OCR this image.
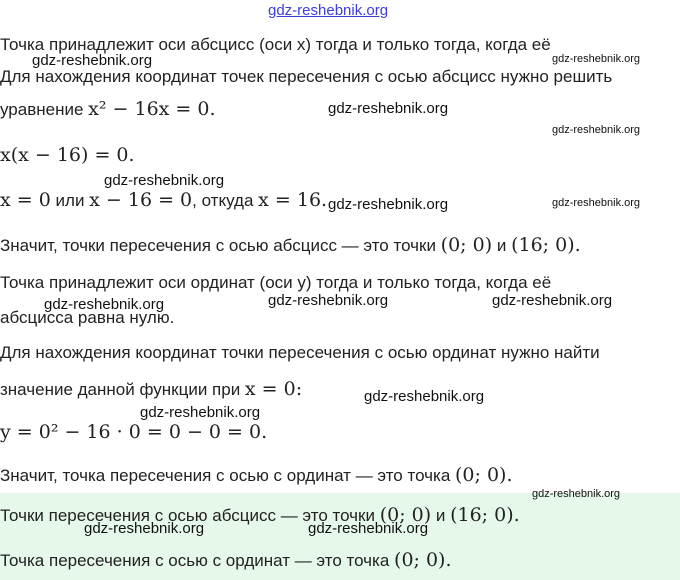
gdz-reshebnik.org
Точка принадлежит оси абсцисс (оси x) тогда и только тогда, когда её
Для нахождения координат точек пересечения с осью абсцисс нужно решить
уравнение x² − 16x = 0.
x(x − 16) = 0.
x = 0 или x − 16 = 0, откуда x = 16.
Значит, точки пересечения с осью абсцисс — это точки (0; 0) и (16; 0).
Точка принадлежит оси ординат (оси y) тогда и только тогда, когда её
абсцисса равна нулю.
Для нахождения координат точки пересечения с осью ординат нужно найти
значение данной функции при x = 0:
y = 0² − 16 · 0 = 0 − 0 = 0.
Значит, точка пересечения с осью с ординат — это точка (0; 0).
Точки пересечения с осью абсцисс — это точки (0; 0) и (16; 0).
Точка пересечения с осью с ординат — это точка (0; 0).
gdz-reshebnik.org	gdz-reshebnik.org
gdz-reshebnik.org
gdz-reshebnik.org
gdz-reshebnik.org
gdz-reshebnik.org	gdz-reshebnik.org
gdz-reshebnik.org	gdz-reshebnik.org	gdz-reshebnik.org
gdz-reshebnik.org
gdz-reshebnik.org
gdz-reshebnik.org
gdz-reshebnik.org	gdz-reshebnik.org
